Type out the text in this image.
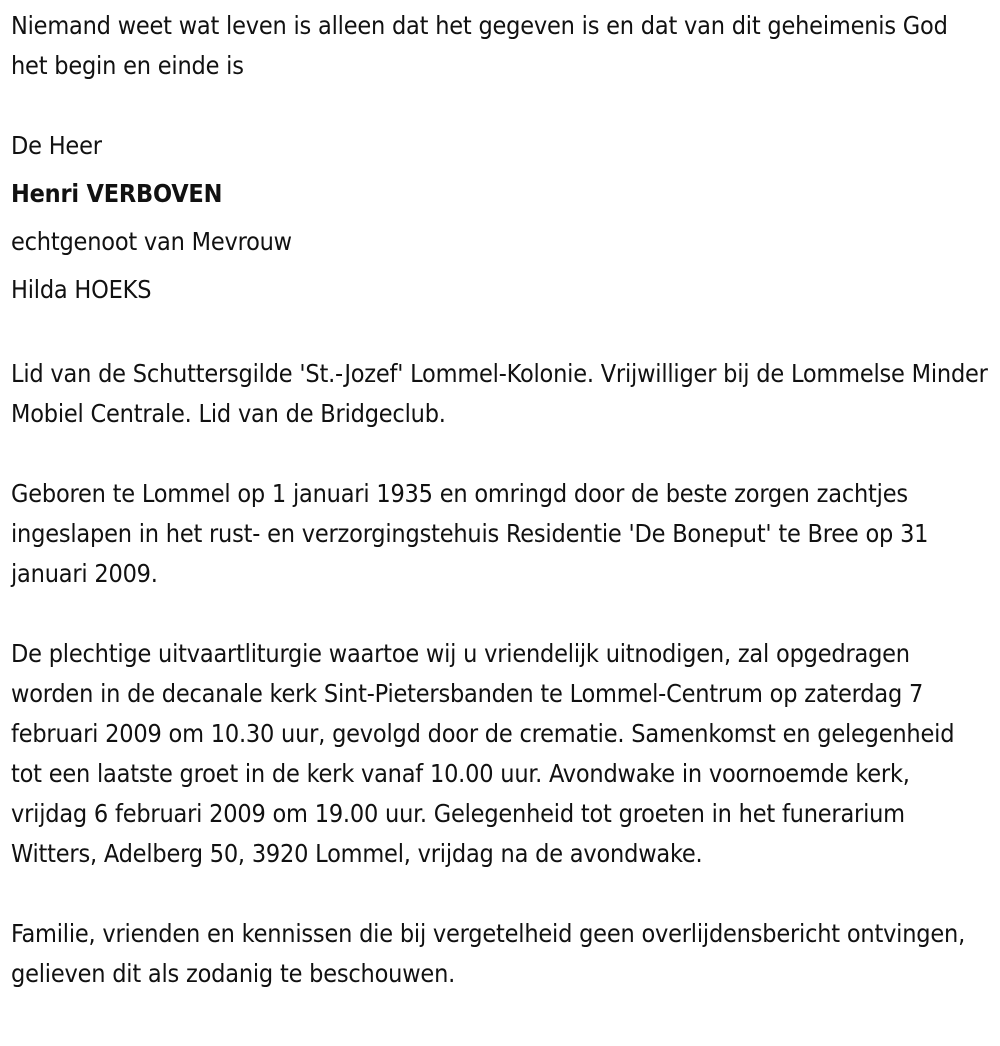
Niemand weet wat leven is alleen dat het gegeven is en dat van dit geheimenis God het begin en einde is

De Heer
Henri VERBOVEN
echtgenoot van Mevrouw
Hilda HOEKS

Lid van de Schuttersgilde 'St.-Jozef' Lommel-Kolonie. Vrijwilliger bij de Lommelse Minder Mobiel Centrale. Lid van de Bridgeclub.

Geboren te Lommel op 1 januari 1935 en omringd door de beste zorgen zachtjes ingeslapen in het rust- en verzorgingstehuis Residentie 'De Boneput' te Bree op 31 januari 2009.

De plechtige uitvaartliturgie waartoe wij u vriendelijk uitnodigen, zal opgedragen worden in de decanale kerk Sint-Pietersbanden te Lommel-Centrum op zaterdag 7 februari 2009 om 10.30 uur, gevolgd door de crematie. Samenkomst en gelegenheid tot een laatste groet in de kerk vanaf 10.00 uur. Avondwake in voornoemde kerk, vrijdag 6 februari 2009 om 19.00 uur. Gelegenheid tot groeten in het funerarium Witters, Adelberg 50, 3920 Lommel, vrijdag na de avondwake.

Familie, vrienden en kennissen die bij vergetelheid geen overlijdensbericht ontvingen, gelieven dit als zodanig te beschouwen.
